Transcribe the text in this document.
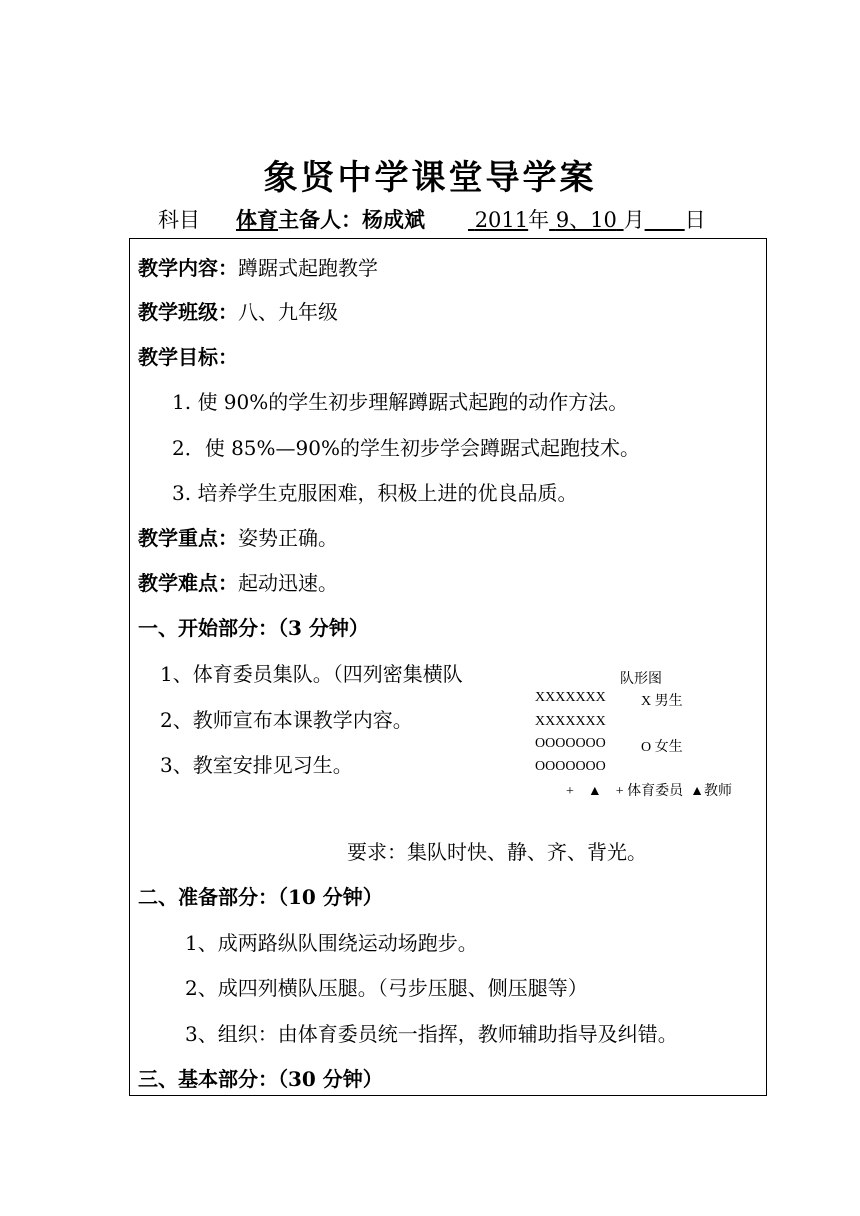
象贤中学课堂导学案
科目 体育主备人：杨成斌	2011年 9、10 月 日
教学内容：蹲踞式起跑教学
教学班级：八、九年级
教学目标：
1. 使 90%的学生初步理解蹲踞式起跑的动作方法。
2．使 85%—90%的学生初步学会蹲踞式起跑技术。
3. 培养学生克服困难，积极上进的优良品质。
教学重点：姿势正确。
教学难点：起动迅速。
一、开始部分：（3 分钟）
1、体育委员集队。（四列密集横队
2、教师宣布本课教学内容。
3、教室安排见习生。
队形图
XXXXXXX	X 男生
XXXXXXX
OOOOOOO	O 女生
OOOOOOO
+    ▲    + 体育委员  ▲教师
要求：集队时快、静、齐、背光。
二、准备部分：（10 分钟）
1、成两路纵队围绕运动场跑步。
2、成四列横队压腿。（弓步压腿、侧压腿等）
3、组织：由体育委员统一指挥，教师辅助指导及纠错。
三、基本部分：（30 分钟）
